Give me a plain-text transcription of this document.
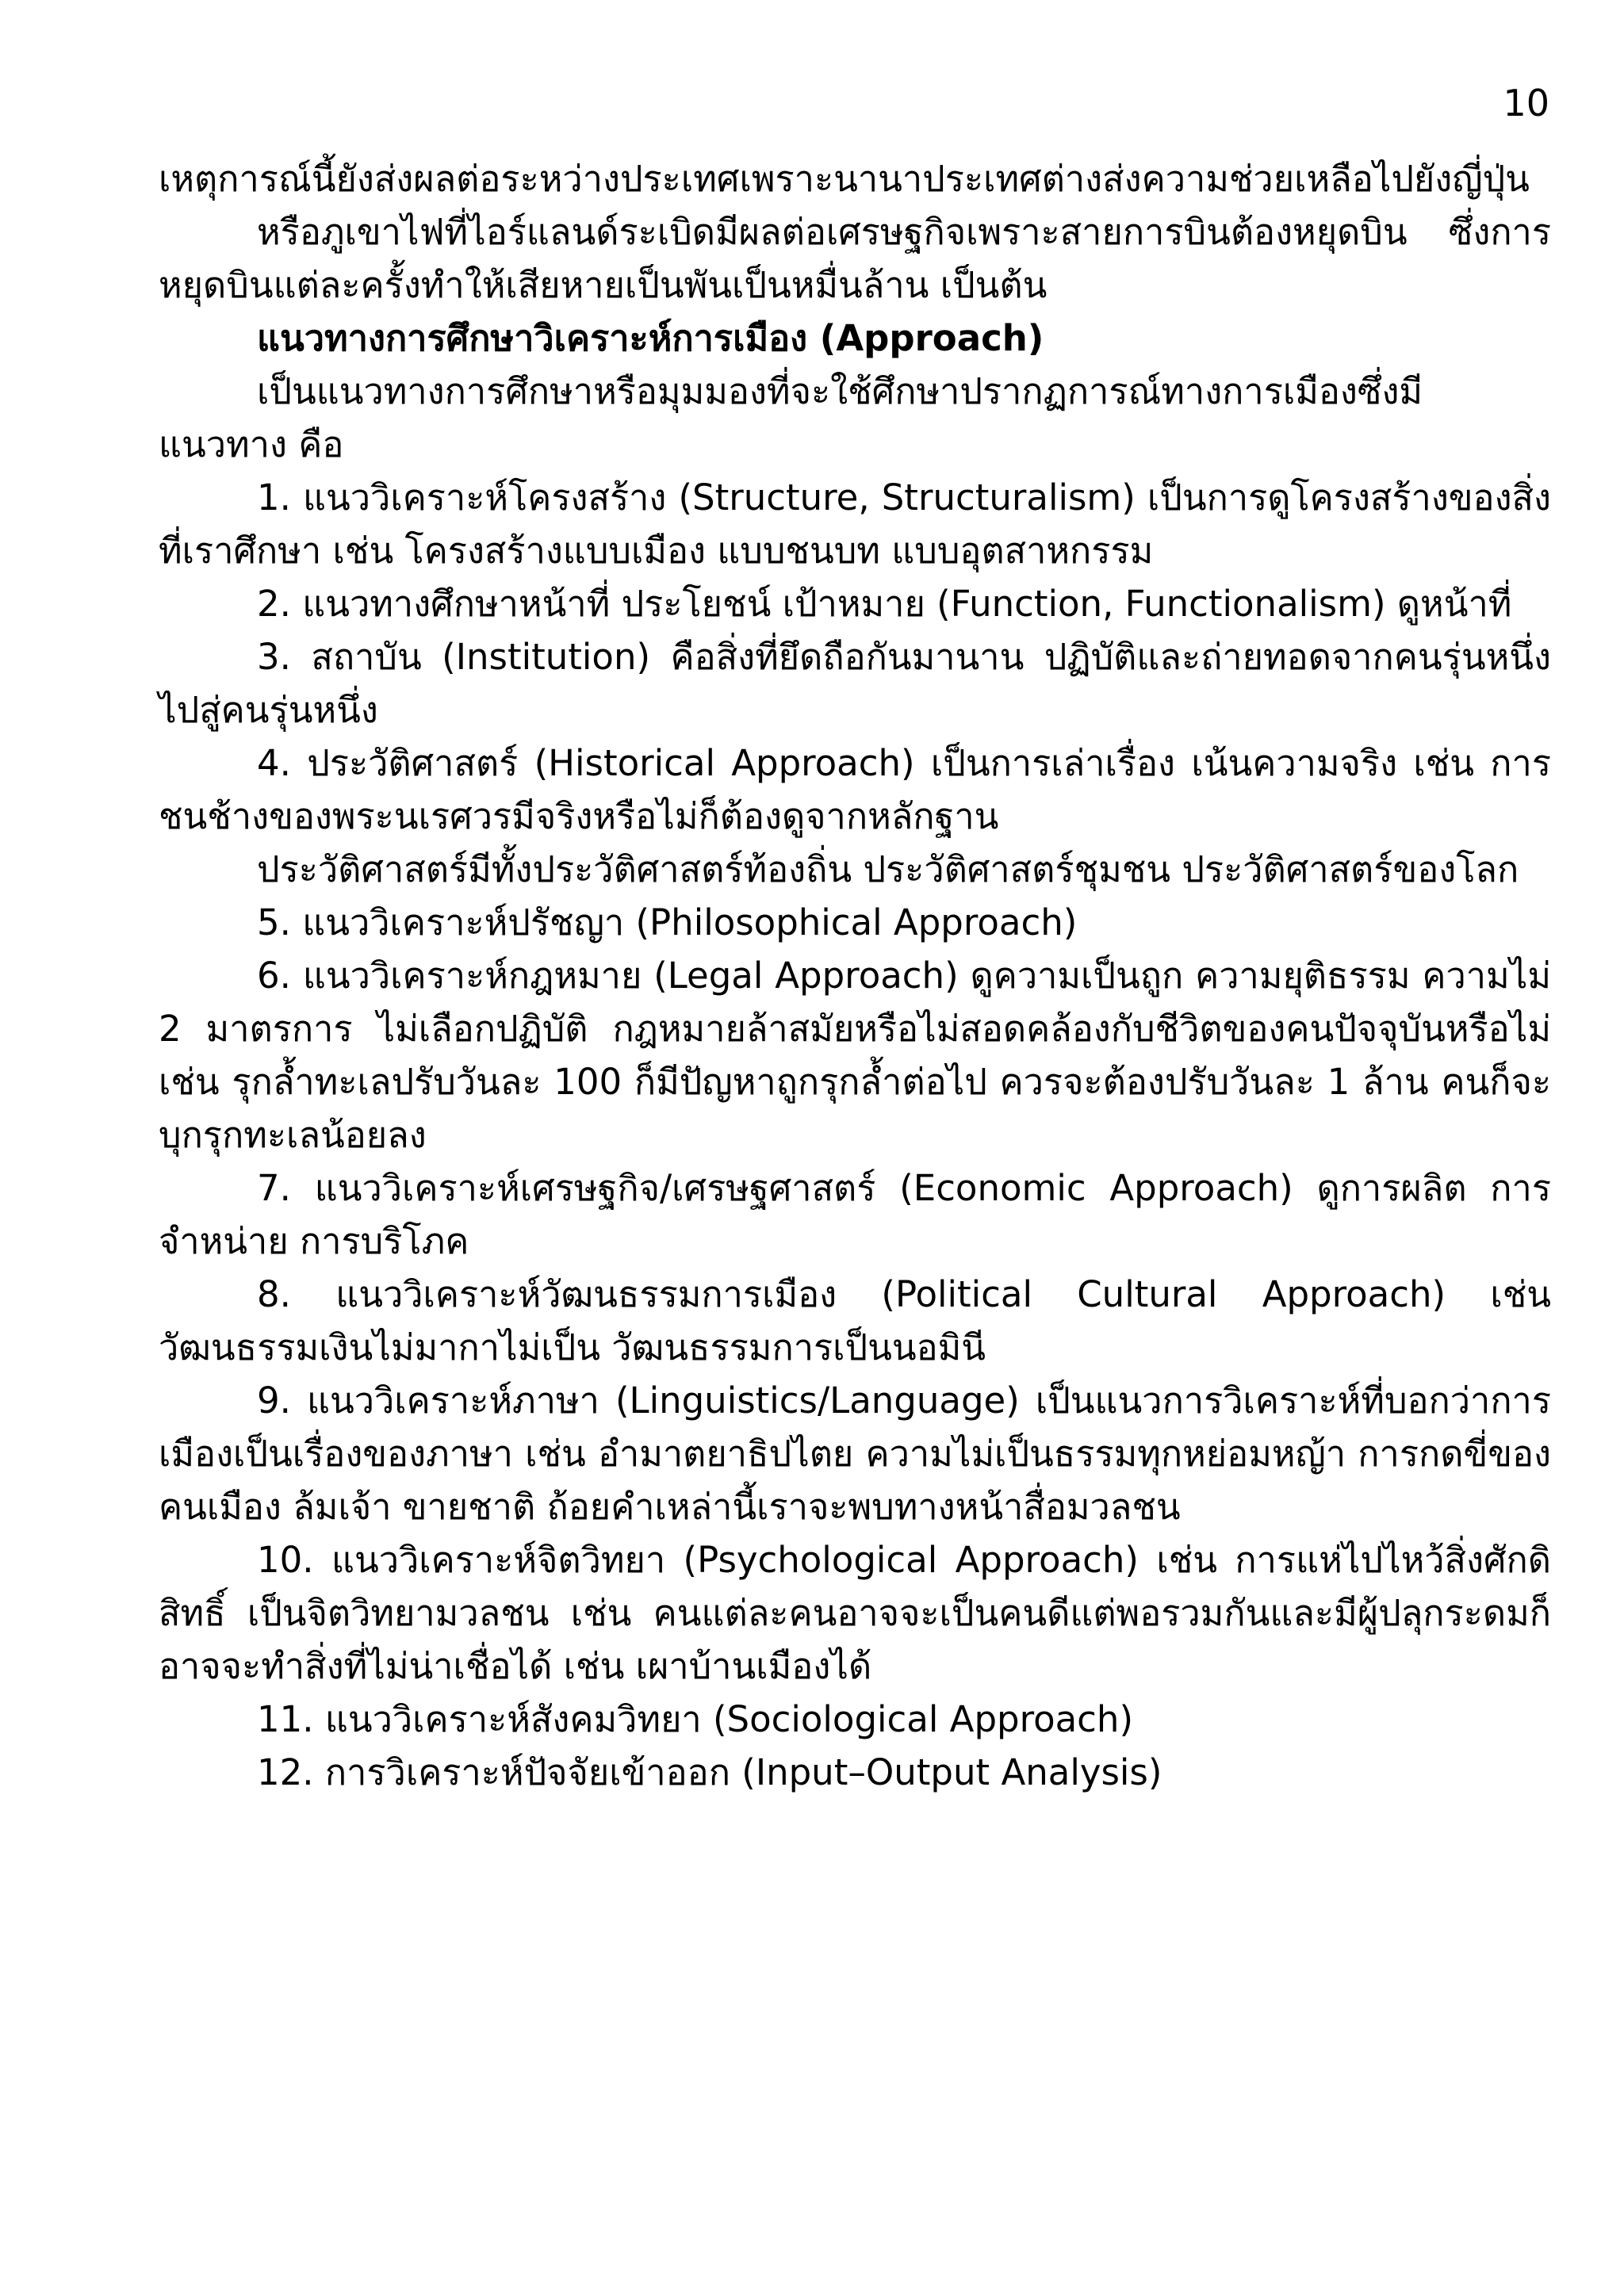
10

เหตุการณ์นี้ยังส่งผลต่อระหว่างประเทศเพราะนานาประเทศต่างส่งความช่วยเหลือไปยังญี่ปุ่น

หรือภูเขาไฟที่ไอร์แลนด์ระเบิดมีผลต่อเศรษฐกิจเพราะสายการบินต้องหยุดบิน ซึ่งการหยุดบินแต่ละครั้งทำให้เสียหายเป็นพันเป็นหมื่นล้าน เป็นต้น

แนวทางการศึกษาวิเคราะห์การเมือง (Approach)

เป็นแนวทางการศึกษาหรือมุมมองที่จะใช้ศึกษาปรากฏการณ์ทางการเมืองซึ่งมีแนวทาง คือ

1. แนววิเคราะห์โครงสร้าง (Structure, Structuralism) เป็นการดูโครงสร้างของสิ่งที่เราศึกษา เช่น โครงสร้างแบบเมือง แบบชนบท แบบอุตสาหกรรม

2. แนวทางศึกษาหน้าที่ ประโยชน์ เป้าหมาย (Function, Functionalism) ดูหน้าที่

3. สถาบัน (Institution) คือสิ่งที่ยึดถือกันมานาน ปฏิบัติและถ่ายทอดจากคนรุ่นหนึ่งไปสู่คนรุ่นหนึ่ง

4. ประวัติศาสตร์ (Historical Approach) เป็นการเล่าเรื่อง เน้นความจริง เช่น การชนช้างของพระนเรศวรมีจริงหรือไม่ก็ต้องดูจากหลักฐาน

ประวัติศาสตร์มีทั้งประวัติศาสตร์ท้องถิ่น ประวัติศาสตร์ชุมชน ประวัติศาสตร์ของโลก

5. แนววิเคราะห์ปรัชญา (Philosophical Approach)

6. แนววิเคราะห์กฎหมาย (Legal Approach) ดูความเป็นถูก ความยุติธรรม ความไม่ 2 มาตรการ ไม่เลือกปฏิบัติ กฎหมายล้าสมัยหรือไม่สอดคล้องกับชีวิตของคนปัจจุบันหรือไม่ เช่น รุกล้ำทะเลปรับวันละ 100 ก็มีปัญหาถูกรุกล้ำต่อไป ควรจะต้องปรับวันละ 1 ล้าน คนก็จะบุกรุกทะเลน้อยลง

7. แนววิเคราะห์เศรษฐกิจ/เศรษฐศาสตร์ (Economic Approach) ดูการผลิต การจำหน่าย การบริโภค

8. แนววิเคราะห์วัฒนธรรมการเมือง (Political Cultural Approach) เช่น วัฒนธรรมเงินไม่มากาไม่เป็น วัฒนธรรมการเป็นนอมินี

9. แนววิเคราะห์ภาษา (Linguistics/Language) เป็นแนวการวิเคราะห์ที่บอกว่าการเมืองเป็นเรื่องของภาษา เช่น อำมาตยาธิปไตย ความไม่เป็นธรรมทุกหย่อมหญ้า การกดขี่ของคนเมือง ล้มเจ้า ขายชาติ ถ้อยคำเหล่านี้เราจะพบทางหน้าสื่อมวลชน

10. แนววิเคราะห์จิตวิทยา (Psychological Approach) เช่น การแห่ไปไหว้สิ่งศักดิสิทธิ์ เป็นจิตวิทยามวลชน เช่น คนแต่ละคนอาจจะเป็นคนดีแต่พอรวมกันและมีผู้ปลุกระดมก็อาจจะทำสิ่งที่ไม่น่าเชื่อได้ เช่น เผาบ้านเมืองได้

11. แนววิเคราะห์สังคมวิทยา (Sociological Approach)

12. การวิเคราะห์ปัจจัยเข้าออก (Input–Output Analysis)
